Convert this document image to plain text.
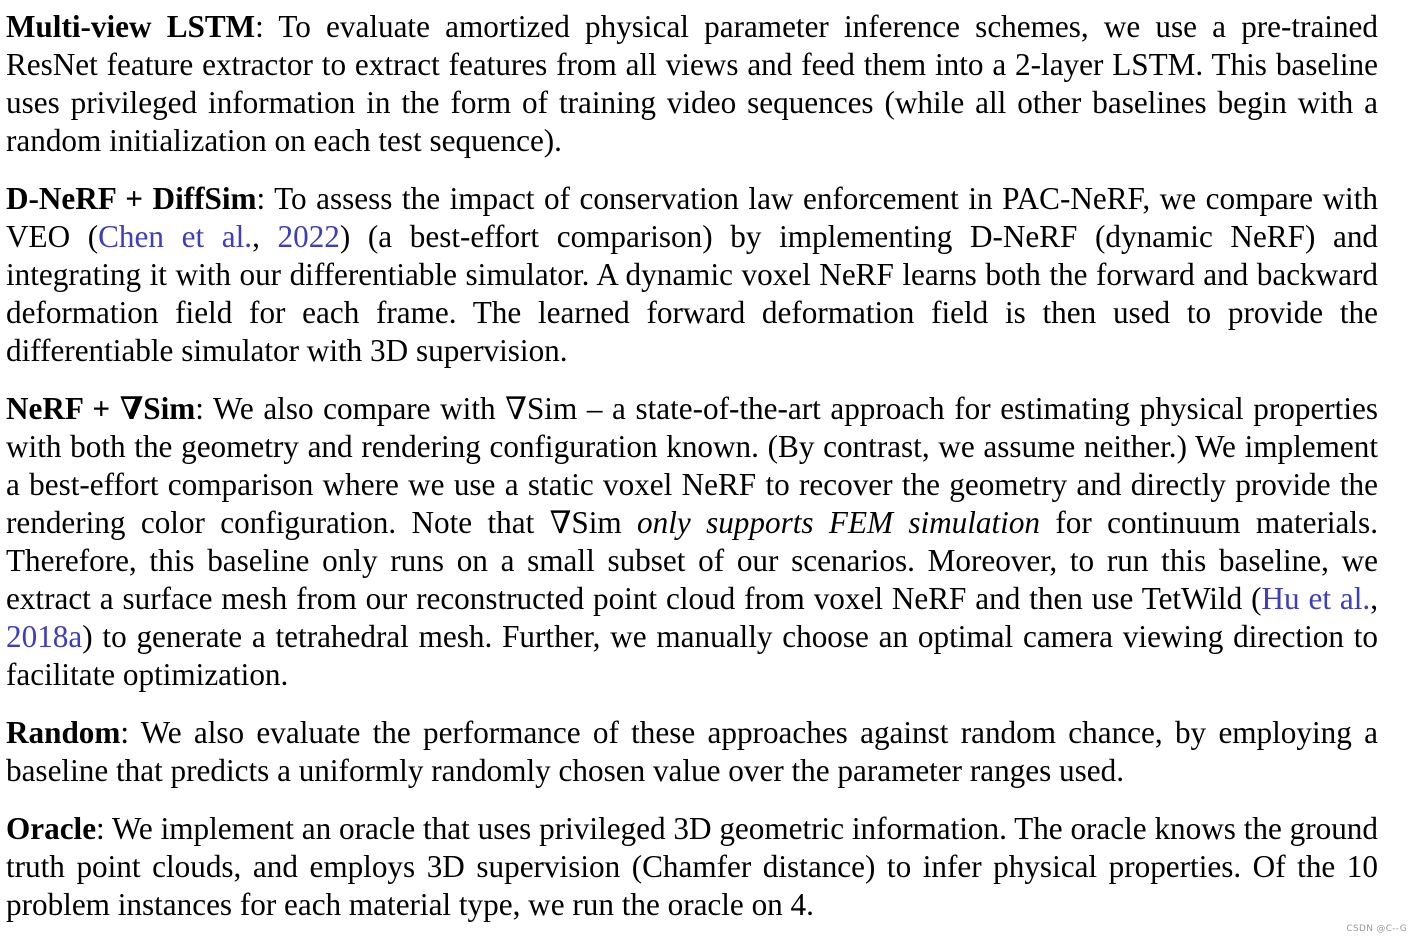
Multi-view LSTM: To evaluate amortized physical parameter inference schemes, we use a pre-trained ResNet feature extractor to extract features from all views and feed them into a 2-layer LSTM. This baseline uses privileged information in the form of training video sequences (while all other baselines begin with a random initialization on each test sequence).

D-NeRF + DiffSim: To assess the impact of conservation law enforcement in PAC-NeRF, we compare with VEO (Chen et al., 2022) (a best-effort comparison) by implementing D-NeRF (dynamic NeRF) and integrating it with our differentiable simulator. A dynamic voxel NeRF learns both the forward and backward deformation field for each frame. The learned forward deformation field is then used to provide the differentiable simulator with 3D supervision.

NeRF + ∇Sim: We also compare with ∇Sim – a state-of-the-art approach for estimating physical properties with both the geometry and rendering configuration known. (By contrast, we assume neither.) We implement a best-effort comparison where we use a static voxel NeRF to recover the geometry and directly provide the rendering color configuration. Note that ∇Sim only supports FEM simulation for continuum materials. Therefore, this baseline only runs on a small subset of our scenarios. Moreover, to run this baseline, we extract a surface mesh from our reconstructed point cloud from voxel NeRF and then use TetWild (Hu et al., 2018a) to generate a tetrahedral mesh. Further, we manually choose an optimal camera viewing direction to facilitate optimization.

Random: We also evaluate the performance of these approaches against random chance, by employing a baseline that predicts a uniformly randomly chosen value over the parameter ranges used.

Oracle: We implement an oracle that uses privileged 3D geometric information. The oracle knows the ground truth point clouds, and employs 3D supervision (Chamfer distance) to infer physical properties. Of the 10 problem instances for each material type, we run the oracle on 4.

CSDN @C--G
